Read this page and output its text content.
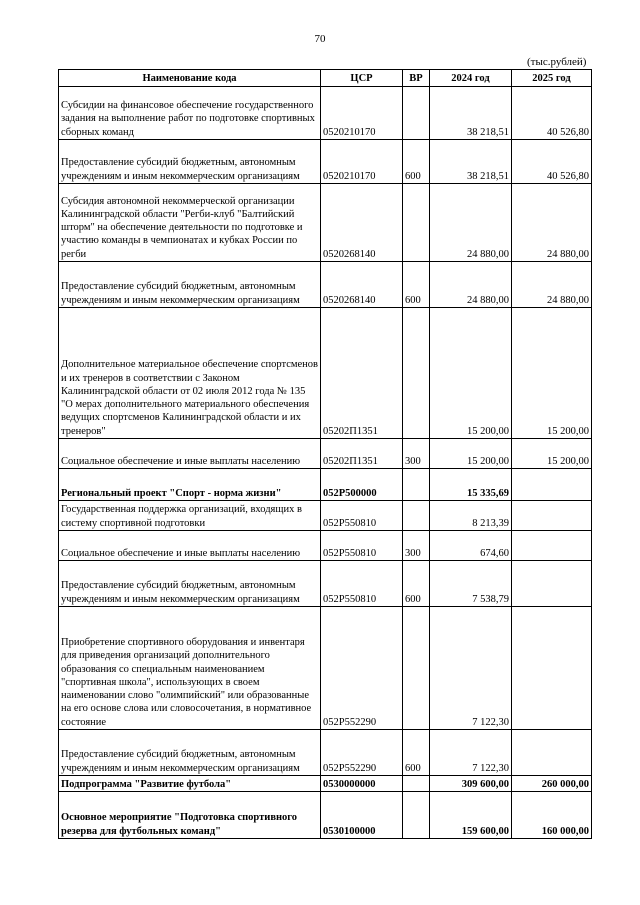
70
(тыс.рублей)
Наименование кода	ЦСР	ВР	2024 год	2025 год
Субсидии на финансовое обеспечение государственного задания на выполнение работ по подготовке спортивных сборных команд	0520210170		38 218,51	40 526,80
Предоставление субсидий бюджетным, автономным учреждениям и иным некоммерческим организациям	0520210170	600	38 218,51	40 526,80
Субсидия автономной некоммерческой организации Калининградской области "Регби-клуб "Балтийский шторм" на обеспечение деятельности по подготовке и участию команды в чемпионатах и кубках России по регби	0520268140		24 880,00	24 880,00
Предоставление субсидий бюджетным, автономным учреждениям и иным некоммерческим организациям	0520268140	600	24 880,00	24 880,00
Дополнительное материальное обеспечение спортсменов и их тренеров в соответствии с Законом Калининградской области от 02 июля 2012 года № 135 "О мерах дополнительного материального обеспечения ведущих спортсменов Калининградской области и их тренеров"	05202П1351		15 200,00	15 200,00
Социальное обеспечение и иные выплаты населению	05202П1351	300	15 200,00	15 200,00
Региональный проект "Спорт - норма жизни"	052P500000		15 335,69	
Государственная поддержка организаций, входящих в систему спортивной подготовки	052P550810		8 213,39	
Социальное обеспечение и иные выплаты населению	052P550810	300	674,60	
Предоставление субсидий бюджетным, автономным учреждениям и иным некоммерческим организациям	052P550810	600	7 538,79	
Приобретение спортивного оборудования и инвентаря для приведения организаций дополнительного образования со специальным наименованием "спортивная школа", использующих в своем наименовании слово "олимпийский" или образованные на его основе слова или словосочетания, в нормативное состояние	052P552290		7 122,30	
Предоставление субсидий бюджетным, автономным учреждениям и иным некоммерческим организациям	052P552290	600	7 122,30	
Подпрограмма "Развитие футбола"	0530000000		309 600,00	260 000,00
Основное мероприятие "Подготовка спортивного резерва для футбольных команд"	0530100000		159 600,00	160 000,00
